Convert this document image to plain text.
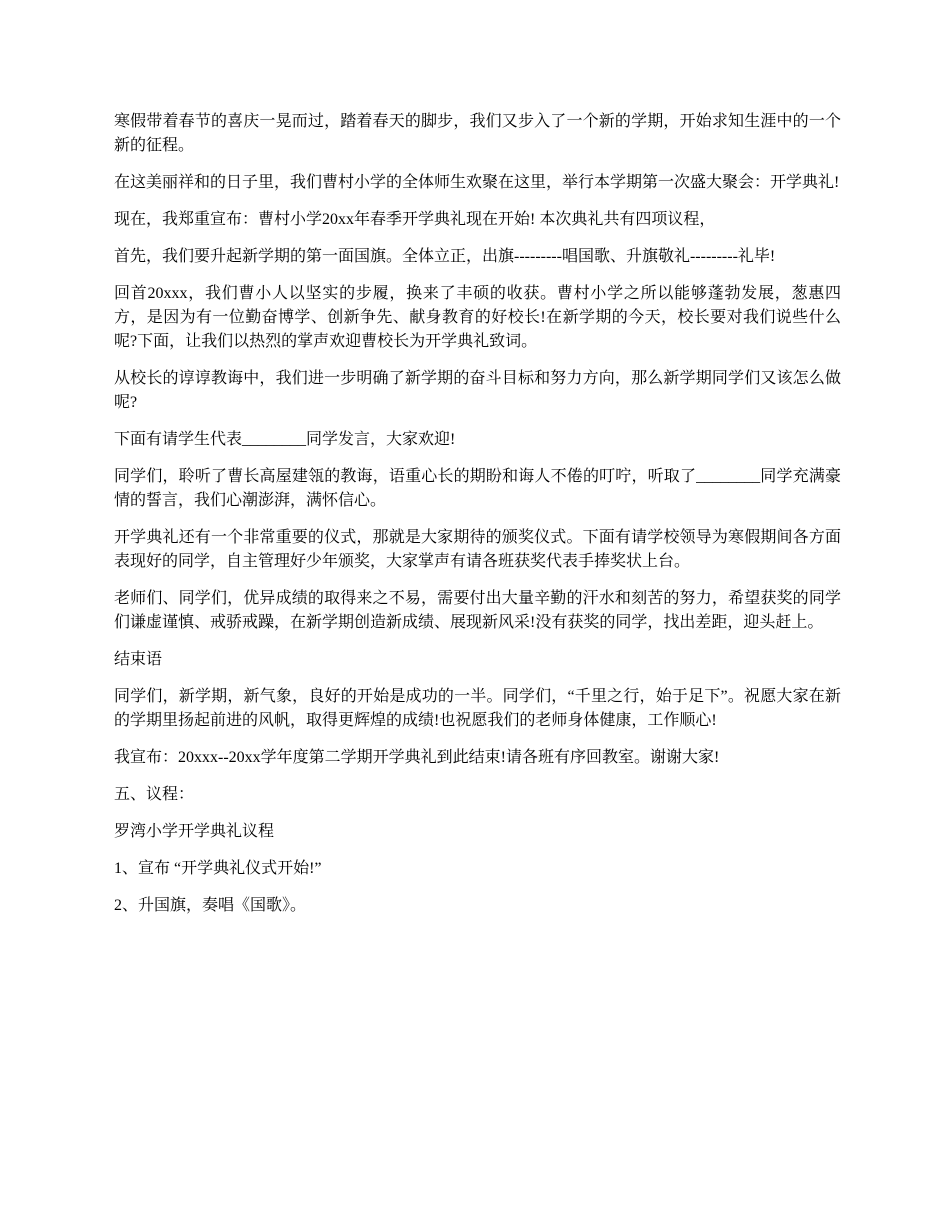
寒假带着春节的喜庆一晃而过，踏着春天的脚步，我们又步入了一个新的学期，开始求知生涯中的一个新的征程。

在这美丽祥和的日子里，我们曹村小学的全体师生欢聚在这里，举行本学期第一次盛大聚会：开学典礼!

现在，我郑重宣布：曹村小学20xx年春季开学典礼现在开始! 本次典礼共有四项议程，

首先，我们要升起新学期的第一面国旗。全体立正，出旗---------唱国歌、升旗敬礼---------礼毕!

回首20xxx，我们曹小人以坚实的步履，换来了丰硕的收获。曹村小学之所以能够蓬勃发展，葱惠四方，是因为有一位勤奋博学、创新争先、献身教育的好校长!在新学期的今天，校长要对我们说些什么呢?下面，让我们以热烈的掌声欢迎曹校长为开学典礼致词。

从校长的谆谆教诲中，我们进一步明确了新学期的奋斗目标和努力方向，那么新学期同学们又该怎么做呢?

下面有请学生代表________同学发言，大家欢迎!

同学们，聆听了曹长高屋建瓴的教诲，语重心长的期盼和诲人不倦的叮咛，听取了________同学充满豪情的誓言，我们心潮澎湃，满怀信心。

开学典礼还有一个非常重要的仪式，那就是大家期待的颁奖仪式。下面有请学校领导为寒假期间各方面表现好的同学，自主管理好少年颁奖，大家掌声有请各班获奖代表手捧奖状上台。

老师们、同学们，优异成绩的取得来之不易，需要付出大量辛勤的汗水和刻苦的努力，希望获奖的同学们谦虚谨慎、戒骄戒躁，在新学期创造新成绩、展现新风采!没有获奖的同学，找出差距，迎头赶上。

结束语

同学们，新学期，新气象，良好的开始是成功的一半。同学们，“千里之行，始于足下”。祝愿大家在新的学期里扬起前进的风帆，取得更辉煌的成绩!也祝愿我们的老师身体健康，工作顺心!

我宣布：20xxx--20xx学年度第二学期开学典礼到此结束!请各班有序回教室。谢谢大家!

五、议程：

罗湾小学开学典礼议程

1、宣布 “开学典礼仪式开始!”

2、升国旗，奏唱《国歌》。
